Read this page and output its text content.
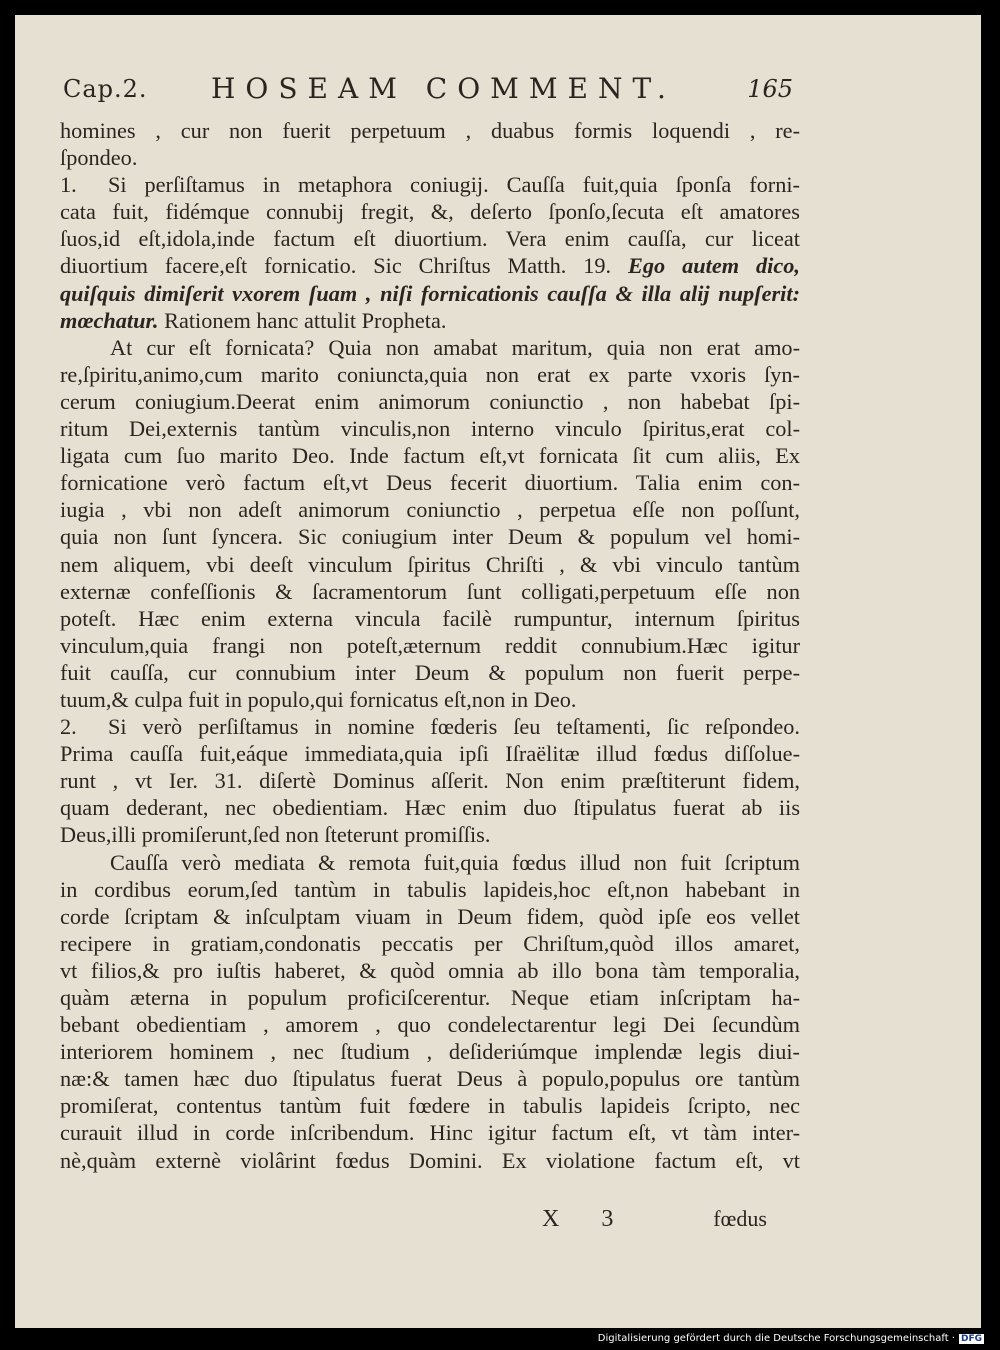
Cap.2. HOSEAM COMMENT.	165
homines , cur non fuerit perpetuum , duabus formis loquendi , re-
ſpondeo.
1. Si perſiſtamus in metaphora coniugij. Cauſſa fuit,quia ſponſa forni-
cata fuit, fidémque connubij fregit, &, deſerto ſponſo,ſecuta eſt amatores
ſuos,id eſt,idola,inde factum eſt diuortium. Vera enim cauſſa, cur liceat
diuortium facere,eſt fornicatio. Sic Chriſtus Matth. 19. Ego autem dico,
quiſquis dimiſerit vxorem ſuam , niſi fornicationis cauſſa & illa alij nupſerit:
mœchatur. Rationem hanc attulit Propheta.
At cur eſt fornicata? Quia non amabat maritum, quia non erat amo-
re,ſpiritu,animo,cum marito coniuncta,quia non erat ex parte vxoris ſyn-
cerum coniugium.Deerat enim animorum coniunctio , non habebat ſpi-
ritum Dei,externis tantùm vinculis,non interno vinculo ſpiritus,erat col-
ligata cum ſuo marito Deo. Inde factum eſt,vt fornicata ſit cum aliis, Ex
fornicatione verò factum eſt,vt Deus fecerit diuortium. Talia enim con-
iugia , vbi non adeſt animorum coniunctio , perpetua eſſe non poſſunt,
quia non ſunt ſyncera. Sic coniugium inter Deum & populum vel homi-
nem aliquem, vbi deeſt vinculum ſpiritus Chriſti , & vbi vinculo tantùm
externæ confeſſionis & ſacramentorum ſunt colligati,perpetuum eſſe non
poteſt. Hæc enim externa vincula facilè rumpuntur, internum ſpiritus
vinculum,quia frangi non poteſt,æternum reddit connubium.Hæc igitur
fuit cauſſa, cur connubium inter Deum & populum non fuerit perpe-
tuum,& culpa fuit in populo,qui fornicatus eſt,non in Deo.
2. Si verò perſiſtamus in nomine fœderis ſeu teſtamenti, ſic reſpondeo.
Prima cauſſa fuit,eáque immediata,quia ipſi Iſraëlitæ illud fœdus diſſolue-
runt , vt Ier. 31. diſertè Dominus aſſerit. Non enim præſtiterunt fidem,
quam dederant, nec obedientiam. Hæc enim duo ſtipulatus fuerat ab iis
Deus,illi promiſerunt,ſed non ſteterunt promiſſis.
Cauſſa verò mediata & remota fuit,quia fœdus illud non fuit ſcriptum
in cordibus eorum,ſed tantùm in tabulis lapideis,hoc eſt,non habebant in
corde ſcriptam & inſculptam viuam in Deum fidem, quòd ipſe eos vellet
recipere in gratiam,condonatis peccatis per Chriſtum,quòd illos amaret,
vt filios,& pro iuſtis haberet, & quòd omnia ab illo bona tàm temporalia,
quàm æterna in populum proficiſcerentur. Neque etiam inſcriptam ha-
bebant obedientiam , amorem , quo condelectarentur legi Dei ſecundùm
interiorem hominem , nec ſtudium , deſideriúmque implendæ legis diui-
næ:& tamen hæc duo ſtipulatus fuerat Deus à populo,populus ore tantùm
promiſerat, contentus tantùm fuit fœdere in tabulis lapideis ſcripto, nec
curauit illud in corde inſcribendum. Hinc igitur factum eſt, vt tàm inter-
nè,quàm externè violârint fœdus Domini. Ex violatione factum eſt, vt
X 3	fœdus
Digitalisierung gefördert durch die Deutsche Forschungsgemeinschaft · DFG
